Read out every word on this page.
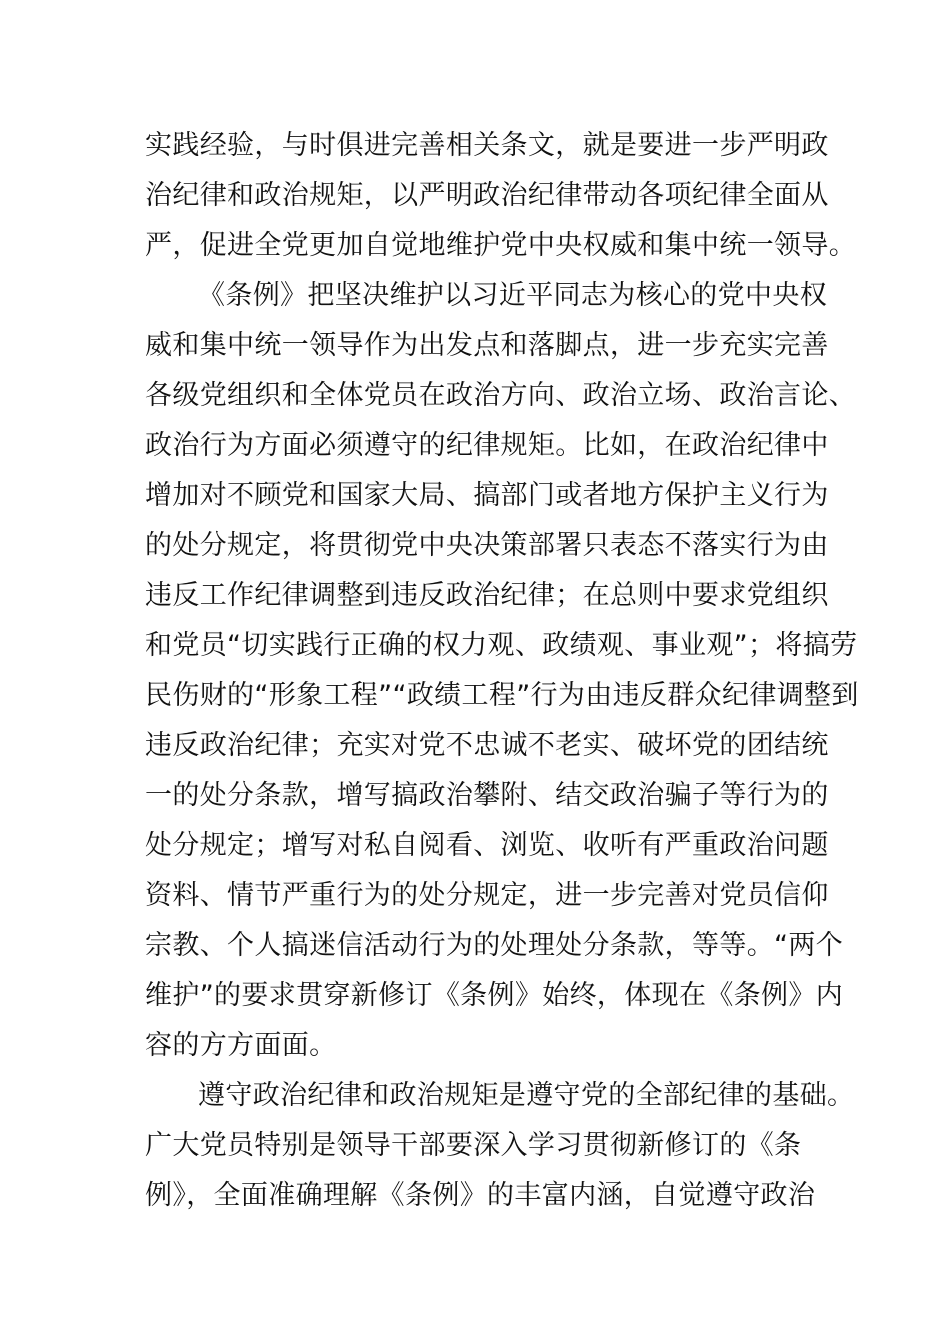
实践经验，与时俱进完善相关条文，就是要进一步严明政
治纪律和政治规矩，以严明政治纪律带动各项纪律全面从
严，促进全党更加自觉地维护党中央权威和集中统一领导。
《条例》把坚决维护以习近平同志为核心的党中央权
威和集中统一领导作为出发点和落脚点，进一步充实完善
各级党组织和全体党员在政治方向、政治立场、政治言论、
政治行为方面必须遵守的纪律规矩。比如，在政治纪律中
增加对不顾党和国家大局、搞部门或者地方保护主义行为
的处分规定，将贯彻党中央决策部署只表态不落实行为由
违反工作纪律调整到违反政治纪律；在总则中要求党组织
和党员“切实践行正确的权力观、政绩观、事业观”；将搞劳
民伤财的“形象工程”“政绩工程”行为由违反群众纪律调整到
违反政治纪律；充实对党不忠诚不老实、破坏党的团结统
一的处分条款，增写搞政治攀附、结交政治骗子等行为的
处分规定；增写对私自阅看、浏览、收听有严重政治问题
资料、情节严重行为的处分规定，进一步完善对党员信仰
宗教、个人搞迷信活动行为的处理处分条款，等等。“两个
维护”的要求贯穿新修订《条例》始终，体现在《条例》内
容的方方面面。
遵守政治纪律和政治规矩是遵守党的全部纪律的基础。
广大党员特别是领导干部要深入学习贯彻新修订的《条
例》，全面准确理解《条例》的丰富内涵，自觉遵守政治
